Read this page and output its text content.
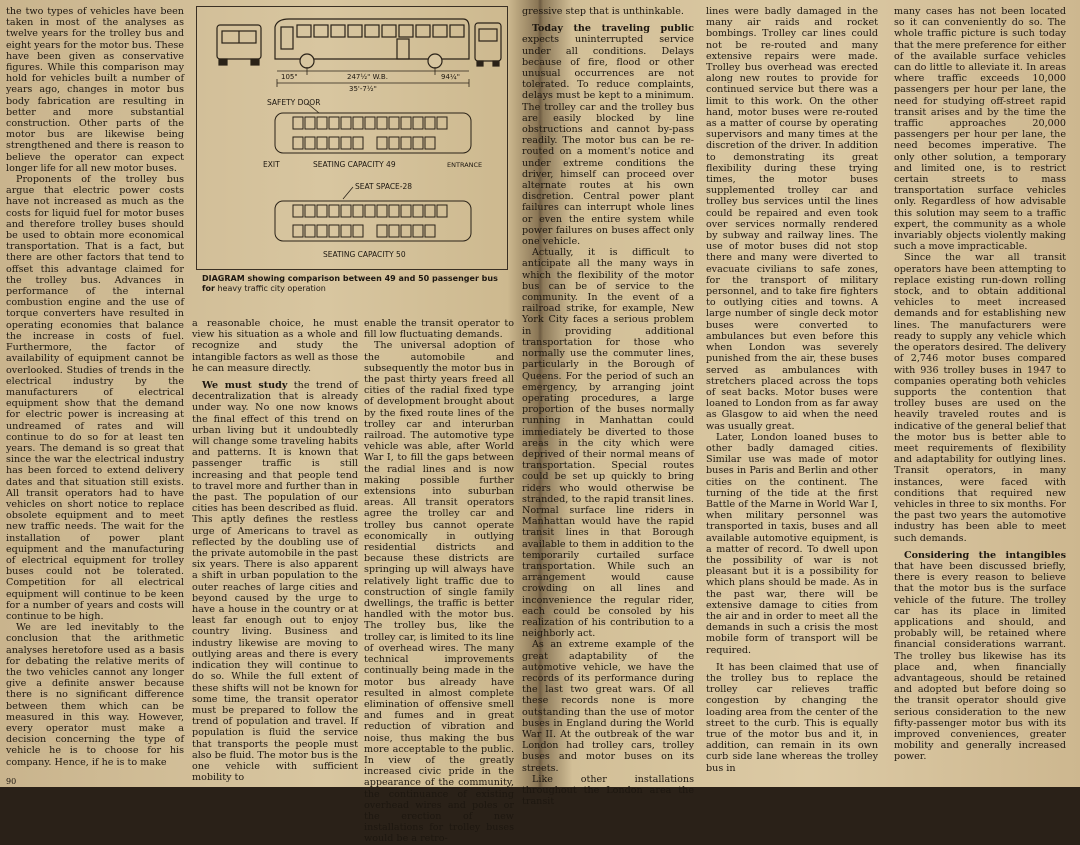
the two types of vehicles have been taken in most of the analyses as twelve years for the trolley bus and eight years for the motor bus. These have been given as conservative figures. While this comparison may hold for vehicles built a number of years ago, changes in motor bus body fabrication are resulting in better and more substantial construction. Other parts of the motor bus are likewise being strengthened and there is reason to believe the operator can expect longer life for all new motor buses.

Proponents of the trolley bus argue that electric power costs have not increased as much as the costs for liquid fuel for motor buses and therefore trolley buses should be used to obtain more economical transportation. That is a fact, but there are other factors that tend to offset this advantage claimed for the trolley bus. Advances in performance of the internal combustion engine and the use of torque converters have resulted in operating economies that balance the increase in costs of fuel. Furthermore, the factor of availability of equipment cannot be overlooked. Studies of trends in the electrical industry by the manufacturers of electrical equipment show that the demand for electric power is increasing at undreamed of rates and will continue to do so for at least ten years. The demand is so great that since the war the electrical industry has been forced to extend delivery dates and that situation still exists. All transit operators had to have vehicles on short notice to replace obsolete equipment and to meet new traffic needs. The wait for the installation of power plant equipment and the manufacturing of electrical equipment for trolley buses could not be tolerated. Competition for all electrical equipment will continue to be keen for a number of years and costs will continue to be high.

We are led inevitably to the conclusion that the arithmetic analyses heretofore used as a basis for debating the relative merits of the two vehicles cannot any longer give a definite answer because there is no significant difference between them which can be measured in this way. However, every operator must make a decision concerning the type of vehicle he is to choose for his company. Hence, if he is to make

105"	247½" W.B.
35'-7½"
94¼"
SAFETY DOOR
EXIT	SEATING CAPACITY 49	ENTRANCE
SEAT SPACE-28
SEATING CAPACITY 50
DIAGRAM showing comparison between 49 and 50 passenger bus for heavy traffic city operation

a reasonable choice, he must view his situation as a whole and recognize and study the intangible factors as well as those he can measure directly.

We must study the trend of decentralization that is already under way. No one now knows the final effect of this trend on urban living but it undoubtedly will change some traveling habits and patterns. It is known that passenger traffic is still increasing and that people tend to travel more and further than in the past. The population of our cities has been described as fluid. This aptly defines the restless urge of Americans to travel as reflected by the doubling use of the private automobile in the past six years. There is also apparent a shift in urban population to the outer reaches of large cities and beyond caused by the urge to have a house in the country or at least far enough out to enjoy country living. Business and industry likewise are moving to outlying areas and there is every indication they will continue to do so. While the full extent of these shifts will not be known for some time, the transit operator must be prepared to follow the trend of population and travel. If population is fluid the service that transports the people must also be fluid. The motor bus is the one vehicle with sufficient mobility to

enable the transit operator to fill low fluctuating demands.

The universal adoption of the automobile and subsequently the motor bus in the past thirty years freed all cities of the radial fixed type of development brought about by the fixed route lines of the trolley car and interurban railroad. The automotive type vehicle was able, after World War I, to fill the gaps between the radial lines and is now making possible further extensions into suburban areas. All transit operators agree the trolley car and trolley bus cannot operate economically in outlying residential districts and because these districts are springing up will always have relatively light traffic due to construction of single family dwellings, the traffic is better handled with the motor bus. The trolley bus, like the trolley car, is limited to its line of overhead wires. The many technical improvements continually being made in the motor bus already have resulted in almost complete elimination of offensive smell and fumes and in great reduction of vibration and noise, thus making the bus more acceptable to the public. In view of the greatly increased civic pride in the appearance of the community, the continuance of existing overhead wires and poles or the erection of new installations for trolley buses would be a retro-

90

gressive step that is unthinkable.

Today the traveling public expects uninterrupted service under all conditions. Delays because of fire, flood or other unusual occurrences are not tolerated. To reduce complaints, delays must be kept to a minimum. The trolley car and the trolley bus are easily blocked by line obstructions and cannot by-pass readily. The motor bus can be re-routed on a moment's notice and under extreme conditions the driver, himself can proceed over alternate routes at his own discretion. Central power plant failures can interrupt whole lines or even the entire system while power failures on buses affect only one vehicle.

Actually, it is difficult to anticipate all the many ways in which the flexibility of the motor bus can be of service to the community. In the event of a railroad strike, for example, New York City faces a serious problem in providing additional transportation for those who normally use the commuter lines, particularly in the Borough of Queens. For the period of such an emergency, by arranging joint operating procedures, a large proportion of the buses normally running in Manhattan could immediately be diverted to those areas in the city which were deprived of their normal means of transportation. Special routes could be set up quickly to bring riders who would otherwise be stranded, to the rapid transit lines. Normal surface line riders in Manhattan would have the rapid transit lines in that Borough available to them in addition to the temporarily curtailed surface transportation. While such an arrangement would cause crowding on all lines and inconvenience the regular rider, each could be consoled by his realization of his contribution to a neighborly act.

As an extreme example of the great adaptability of the automotive vehicle, we have the records of its performance during the last two great wars. Of all these records none is more outstanding than the use of motor buses in England during the World War II. At the outbreak of the war London had trolley cars, trolley buses and motor buses on its streets.

Like other installations throughout the London area the transit

lines were badly damaged in the many air raids and rocket bombings. Trolley car lines could not be re-routed and many extensive repairs were made. Trolley bus overhead was erected along new routes to provide for continued service but there was a limit to this work. On the other hand, motor buses were re-routed as a matter of course by operating supervisors and many times at the discretion of the driver. In addition to demonstrating its great flexibility during these trying times, the motor buses supplemented trolley car and trolley bus services until the lines could be repaired and even took over services normally rendered by subway and railway lines. The use of motor buses did not stop there and many were diverted to evacuate civilians to safe zones, for the transport of military personnel, and to take fire fighters to outlying cities and towns. A large number of single deck motor buses were converted to ambulances but even before this when London was severely punished from the air, these buses served as ambulances with stretchers placed across the tops of seat backs. Motor buses were loaned to London from as far away as Glasgow to aid when the need was usually great.

Later, London loaned buses to other badly damaged cities. Similar use was made of motor buses in Paris and Berlin and other cities on the continent. The turning of the tide at the first Battle of the Marne in World War I, when military personnel was transported in taxis, buses and all available automotive equipment, is a matter of record. To dwell upon the possibility of war is not pleasant but it is a possibility for which plans should be made. As in the past war, there will be extensive damage to cities from the air and in order to meet all the demands in such a crisis the most mobile form of transport will be required.

It has been claimed that use of the trolley bus to replace the trolley car relieves traffic congestion by changing the loading area from the center of the street to the curb. This is equally true of the motor bus and it, in addition, can remain in its own curb side lane whereas the trolley bus in

many cases has not been located so it can conveniently do so. The whole traffic picture is such today that the mere preference for either of the available surface vehicles can do little to alleviate it. In areas where traffic exceeds 10,000 passengers per hour per lane, the need for studying off-street rapid transit arises and by the time the traffic approaches 20,000 passengers per hour per lane, the need becomes imperative. The only other solution, a temporary and limited one, is to restrict certain streets to mass transportation surface vehicles only. Regardless of how advisable this solution may seem to a traffic expert, the community as a whole invariably objects violently making such a move impracticable.

Since the war all transit operators have been attempting to replace existing run-down rolling stock, and to obtain additional vehicles to meet increased demands and for establishing new lines. The manufacturers were ready to supply any vehicle which the operators desired. The delivery of 2,746 motor buses compared with 936 trolley buses in 1947 to companies operating both vehicles supports the contention that trolley buses are used on the heavily traveled routes and is indicative of the general belief that the motor bus is better able to meet requirements of flexibility and adaptability for outlying lines. Transit operators, in many instances, were faced with conditions that required new vehicles in three to six months. For the past two years the automotive industry has been able to meet such demands.

Considering the intangibles that have been discussed briefly, there is every reason to believe that the motor bus is the surface vehicle of the future. The trolley car has its place in limited applications and should, and probably will, be retained where financial considerations warrant. The trolley bus likewise has its place and, when financially advantageous, should be retained and adopted but before doing so the transit operator should give serious consideration to the new fifty-passenger motor bus with its improved conveniences, greater mobility and generally increased power.
